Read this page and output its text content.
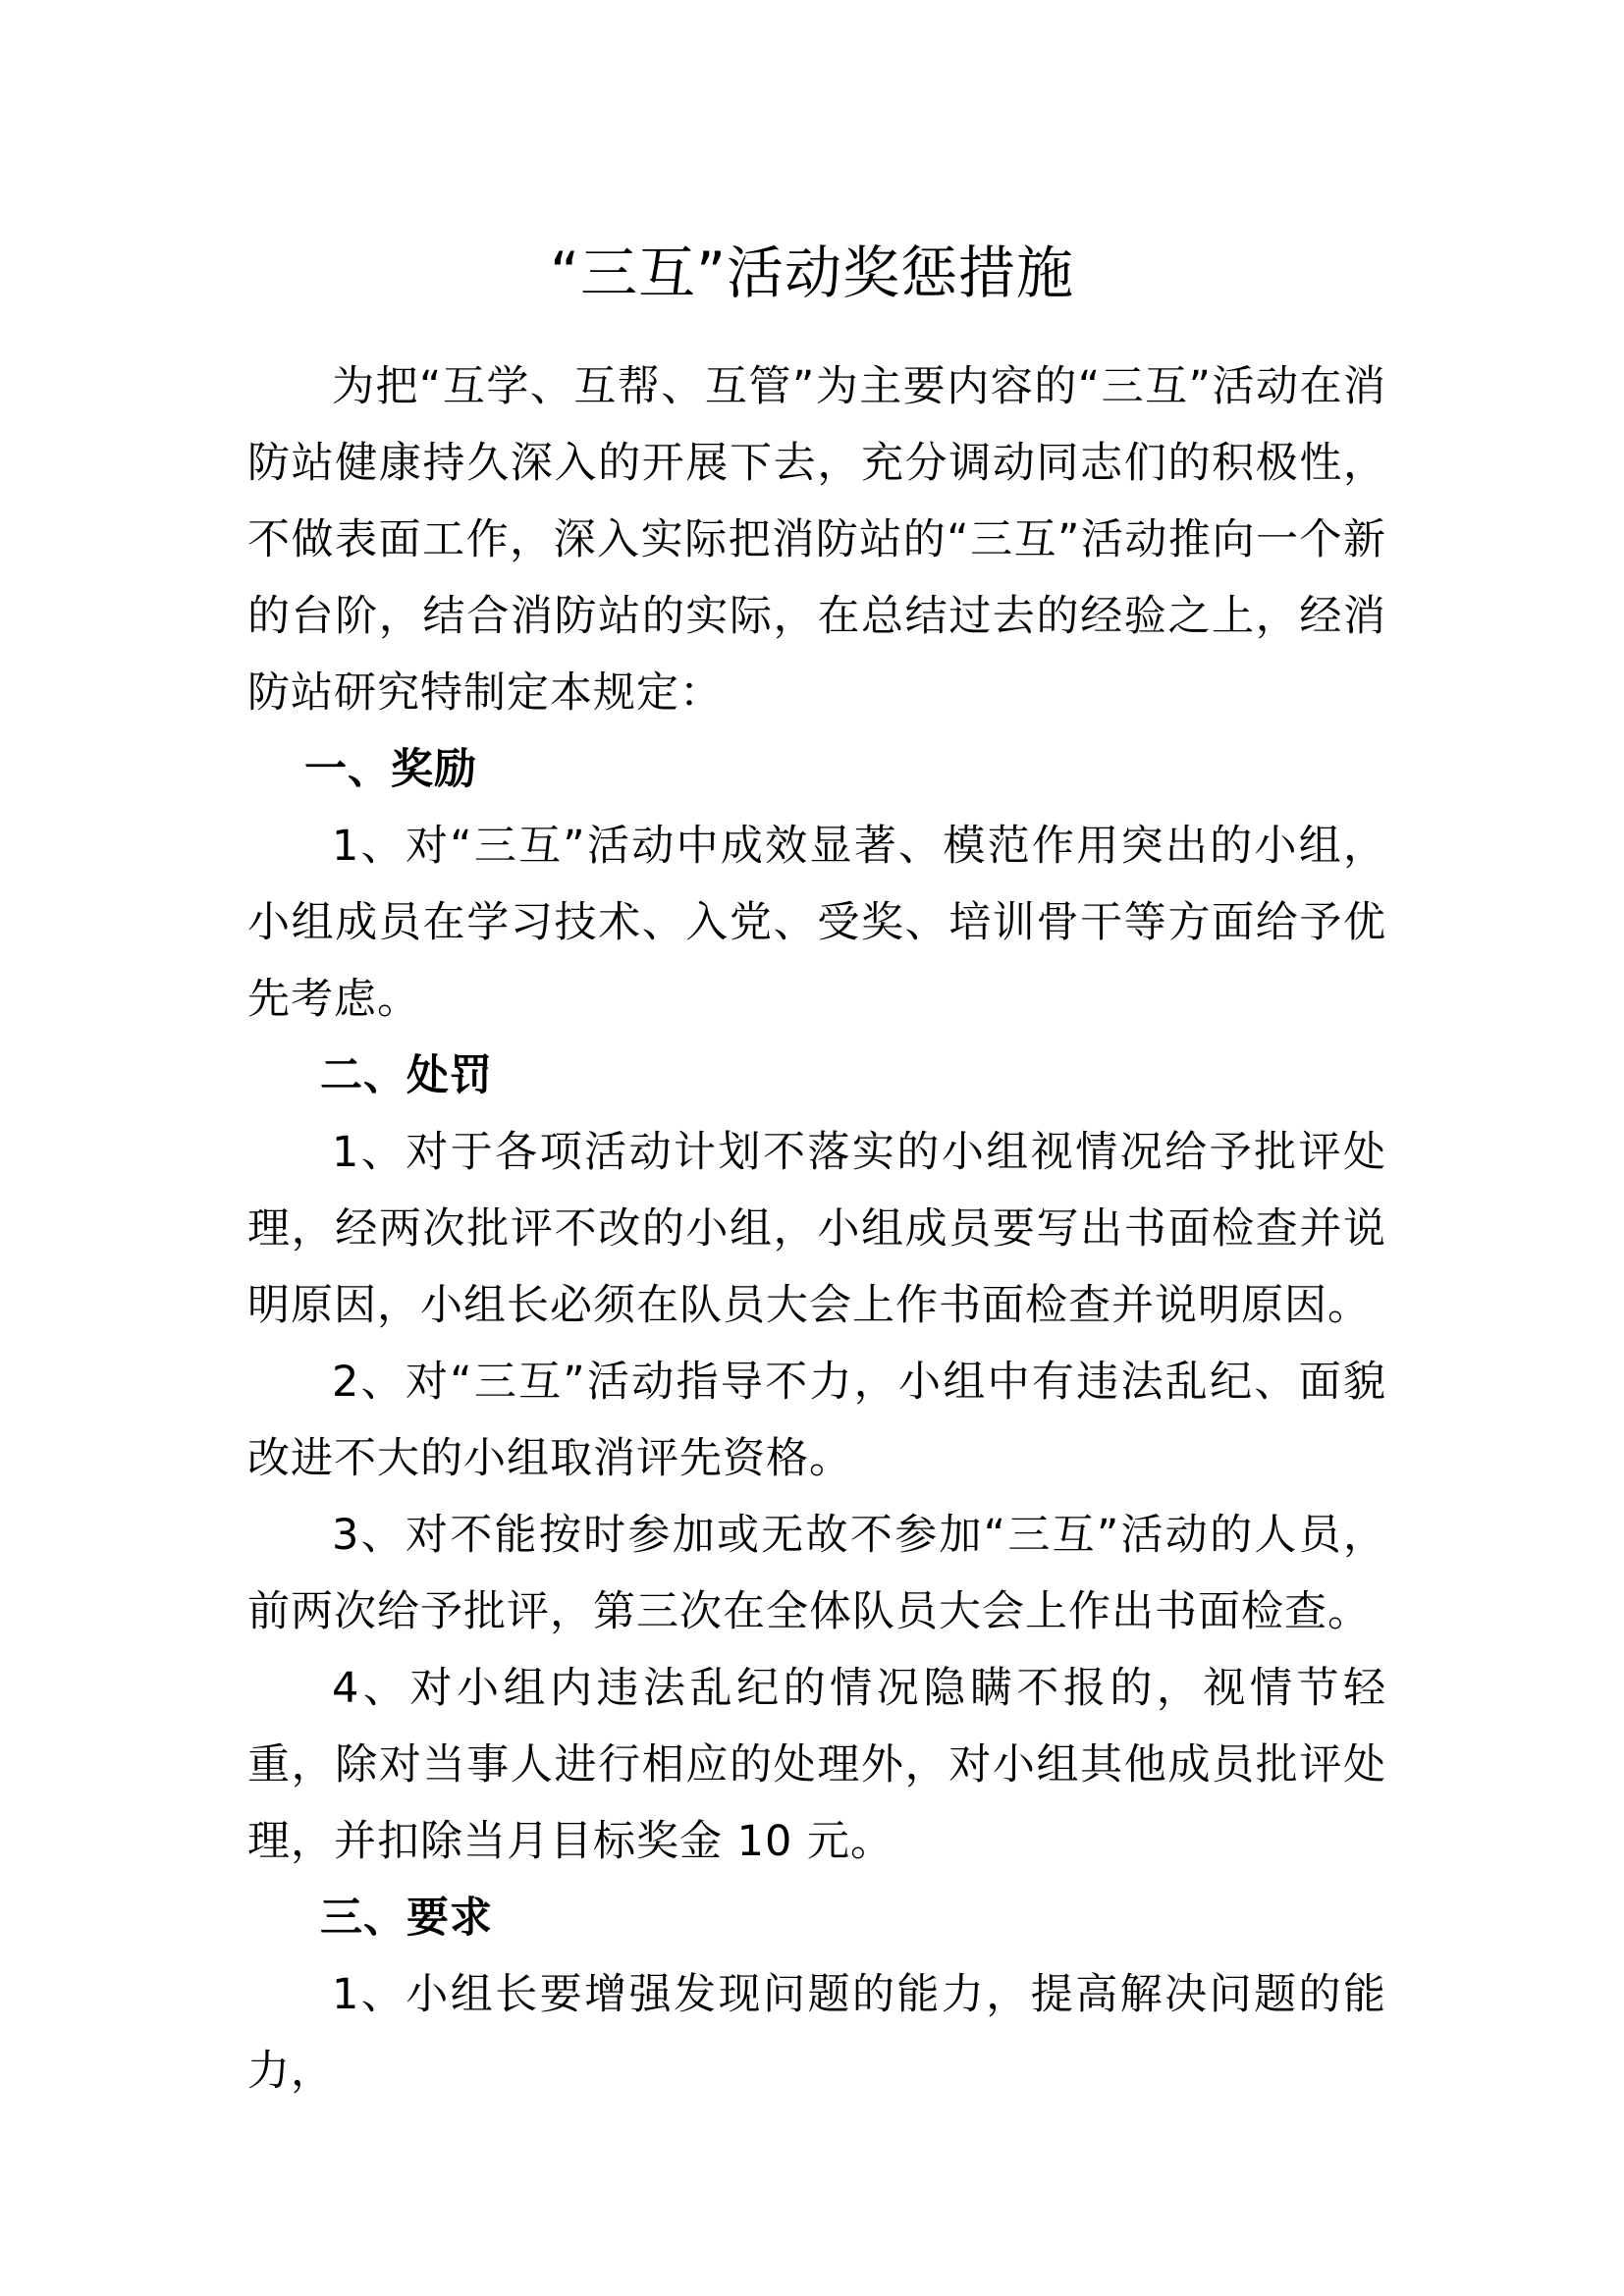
“三互”活动奖惩措施

为把“互学、互帮、互管”为主要内容的“三互”活动在消防站健康持久深入的开展下去，充分调动同志们的积极性，不做表面工作，深入实际把消防站的“三互”活动推向一个新的台阶，结合消防站的实际，在总结过去的经验之上，经消防站研究特制定本规定：

一、奖励

1、对“三互”活动中成效显著、模范作用突出的小组，小组成员在学习技术、入党、受奖、培训骨干等方面给予优先考虑。

二、处罚

1、对于各项活动计划不落实的小组视情况给予批评处理，经两次批评不改的小组，小组成员要写出书面检查并说明原因，小组长必须在队员大会上作书面检查并说明原因。

2、对“三互”活动指导不力，小组中有违法乱纪、面貌改进不大的小组取消评先资格。

3、对不能按时参加或无故不参加“三互”活动的人员，前两次给予批评，第三次在全体队员大会上作出书面检查。

4、对小组内违法乱纪的情况隐瞒不报的，视情节轻重，除对当事人进行相应的处理外，对小组其他成员批评处理，并扣除当月目标奖金 10 元。

三、要求

1、小组长要增强发现问题的能力，提高解决问题的能力，
